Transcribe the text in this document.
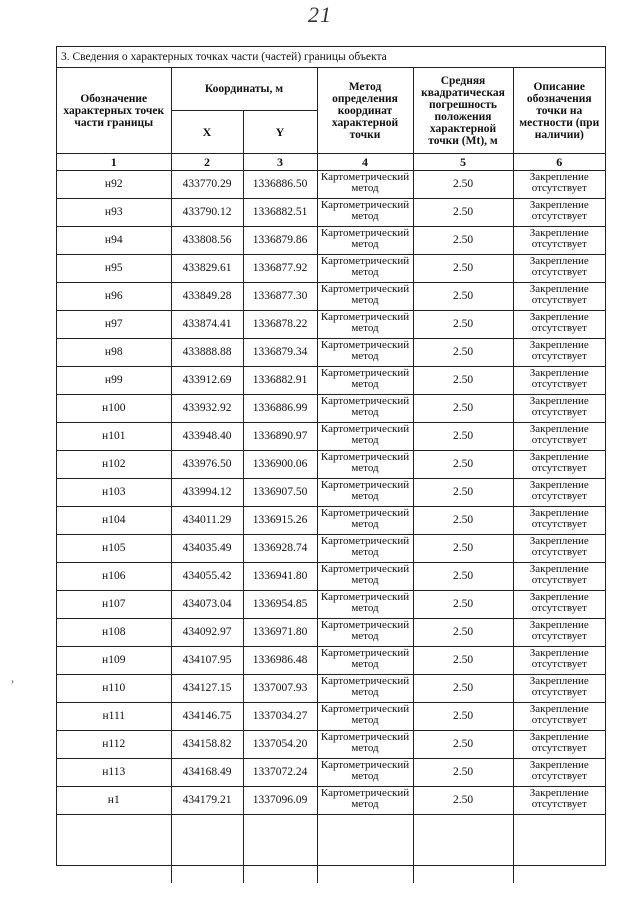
21
3. Сведения о характерных точках части (частей) границы объекта
Обозначение характерных точек части границы	Координаты, м		Метод определения координат характерной точки	Средняя квадратическая погрешность положения характерной точки (Mt), м	Описание обозначения точки на местности (при наличии)
	X	Y			
1	2	3	4	5	6
н92	433770.29	1336886.50	Картометрический метод	2.50	Закрепление отсутствует
н93	433790.12	1336882.51	Картометрический метод	2.50	Закрепление отсутствует
н94	433808.56	1336879.86	Картометрический метод	2.50	Закрепление отсутствует
н95	433829.61	1336877.92	Картометрический метод	2.50	Закрепление отсутствует
н96	433849.28	1336877.30	Картометрический метод	2.50	Закрепление отсутствует
н97	433874.41	1336878.22	Картометрический метод	2.50	Закрепление отсутствует
н98	433888.88	1336879.34	Картометрический метод	2.50	Закрепление отсутствует
н99	433912.69	1336882.91	Картометрический метод	2.50	Закрепление отсутствует
н100	433932.92	1336886.99	Картометрический метод	2.50	Закрепление отсутствует
н101	433948.40	1336890.97	Картометрический метод	2.50	Закрепление отсутствует
н102	433976.50	1336900.06	Картометрический метод	2.50	Закрепление отсутствует
н103	433994.12	1336907.50	Картометрический метод	2.50	Закрепление отсутствует
н104	434011.29	1336915.26	Картометрический метод	2.50	Закрепление отсутствует
н105	434035.49	1336928.74	Картометрический метод	2.50	Закрепление отсутствует
н106	434055.42	1336941.80	Картометрический метод	2.50	Закрепление отсутствует
н107	434073.04	1336954.85	Картометрический метод	2.50	Закрепление отсутствует
н108	434092.97	1336971.80	Картометрический метод	2.50	Закрепление отсутствует
н109	434107.95	1336986.48	Картометрический метод	2.50	Закрепление отсутствует
н110	434127.15	1337007.93	Картометрический метод	2.50	Закрепление отсутствует
н111	434146.75	1337034.27	Картометрический метод	2.50	Закрепление отсутствует
н112	434158.82	1337054.20	Картометрический метод	2.50	Закрепление отсутствует
н113	434168.49	1337072.24	Картометрический метод	2.50	Закрепление отсутствует
н1	434179.21	1337096.09	Картометрический метод	2.50	Закрепление отсутствует

›
